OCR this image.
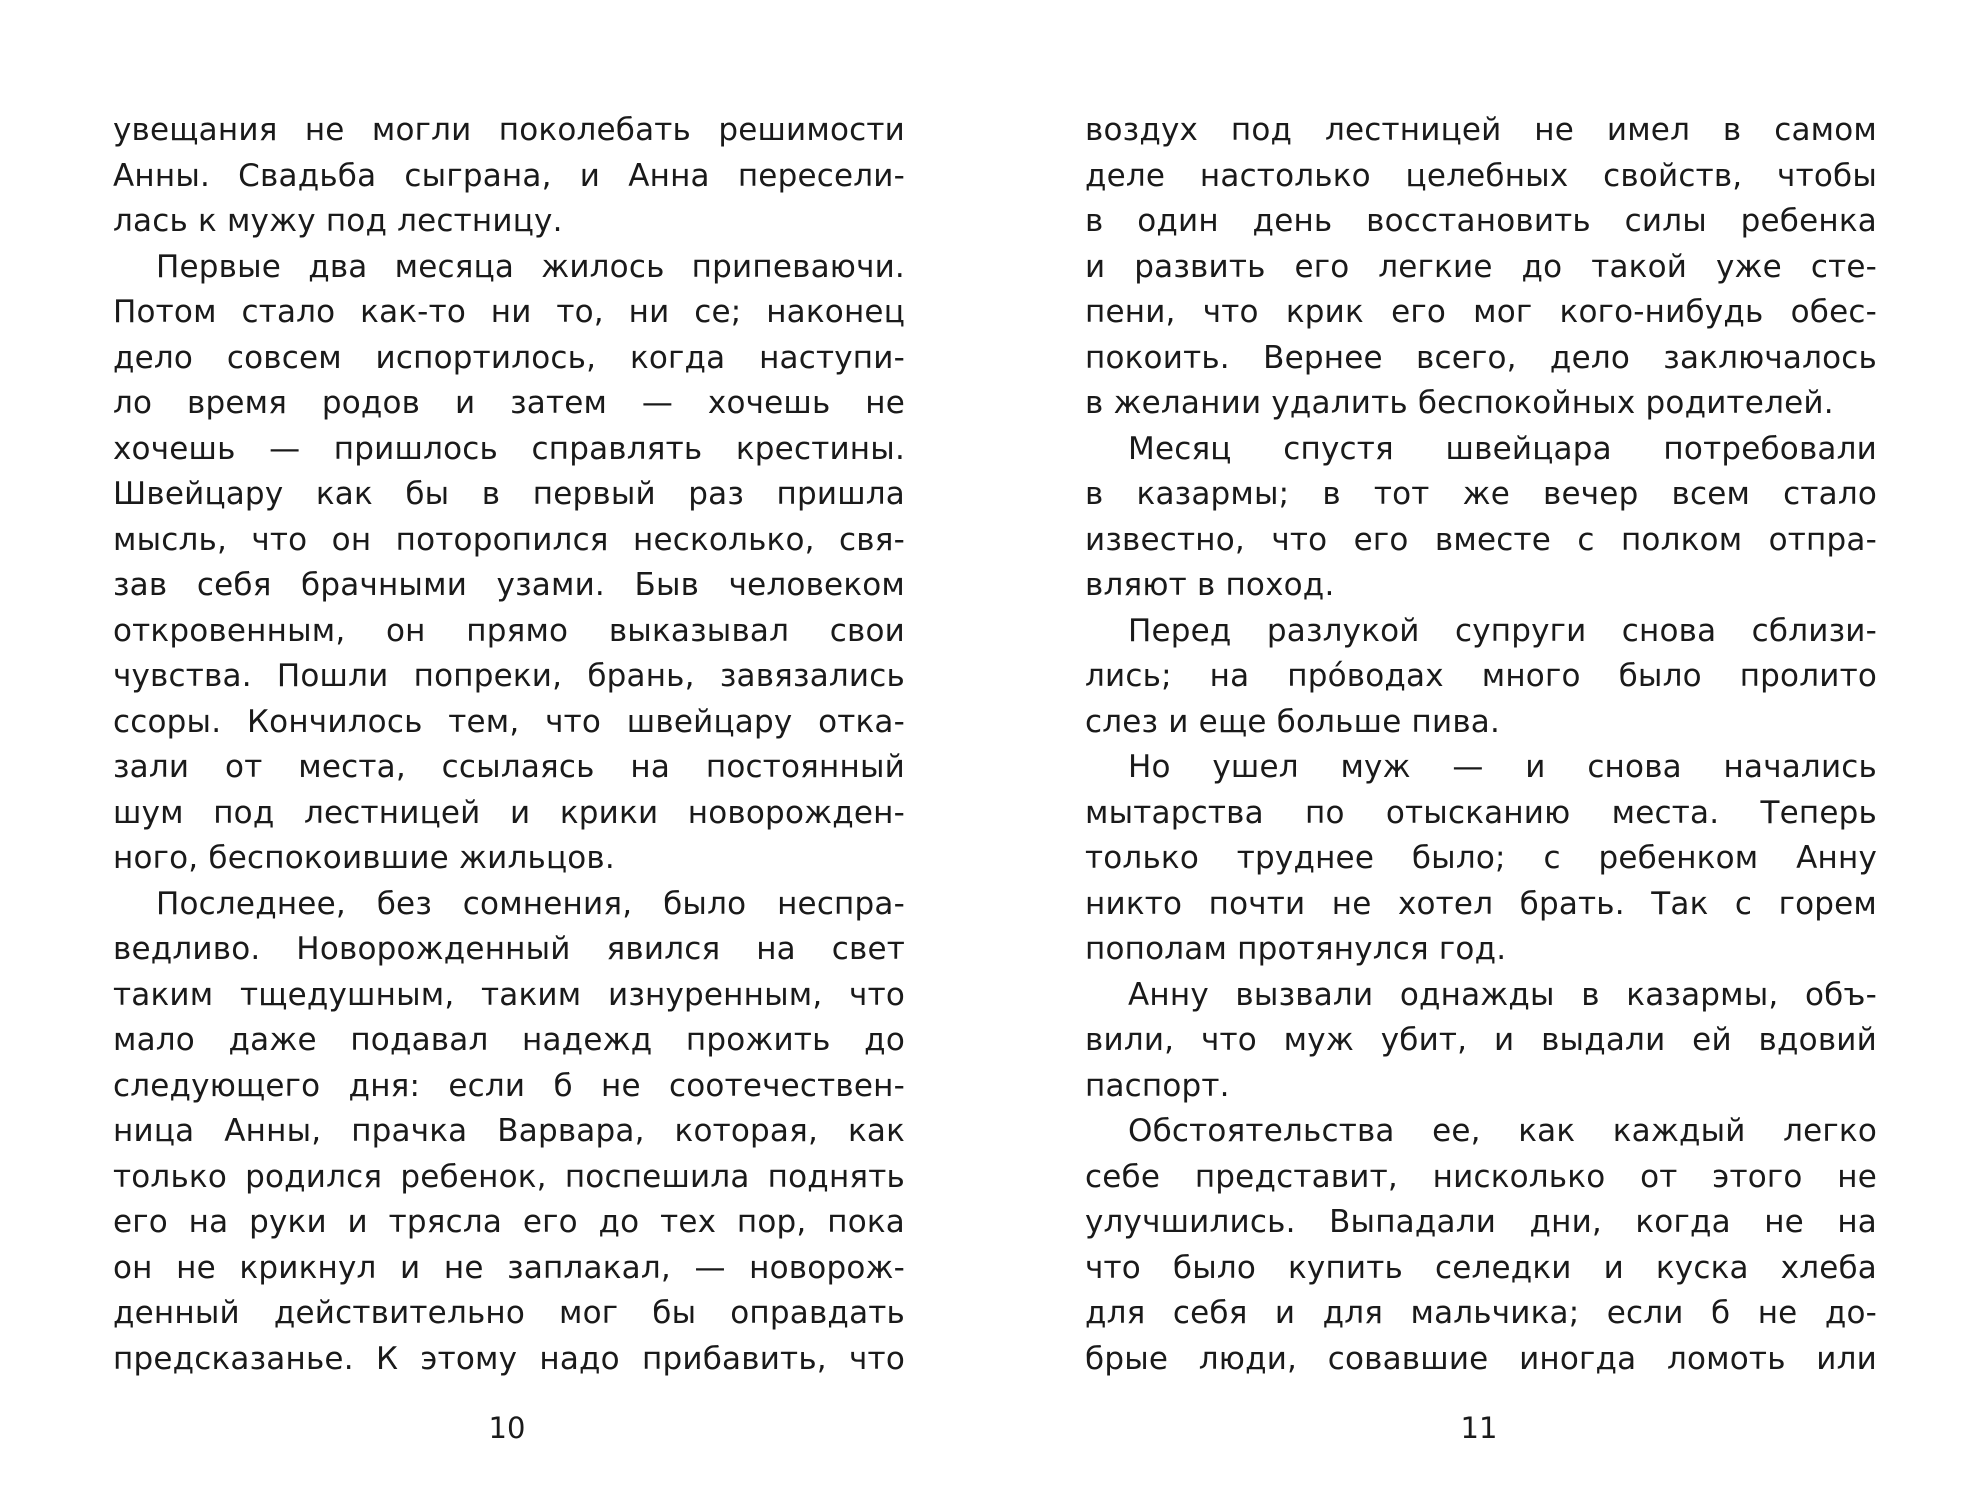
увещания не могли поколебать решимости
Анны. Свадьба сыграна, и Анна пересели-
лась к мужу под лестницу.
Первые два месяца жилось припеваючи.
Потом стало как-то ни то, ни се; наконец
дело совсем испортилось, когда наступи-
ло время родов и затем — хочешь не
хочешь — пришлось справлять крестины.
Швейцару как бы в первый раз пришла
мысль, что он поторопился несколько, свя-
зав себя брачными узами. Быв человеком
откровенным, он прямо выказывал свои
чувства. Пошли попреки, брань, завязались
ссоры. Кончилось тем, что швейцару отка-
зали от места, ссылаясь на постоянный
шум под лестницей и крики новорожден-
ного, беспокоившие жильцов.
Последнее, без сомнения, было неспра-
ведливо. Новорожденный явился на свет
таким тщедушным, таким изнуренным, что
мало даже подавал надежд прожить до
следующего дня: если б не соотечествен-
ница Анны, прачка Варвара, которая, как
только родился ребенок, поспешила поднять
его на руки и трясла его до тех пор, пока
он не крикнул и не заплакал, — новорож-
денный действительно мог бы оправдать
предсказанье. К этому надо прибавить, что
10
воздух под лестницей не имел в самом
деле настолько целебных свойств, чтобы
в один день восстановить силы ребенка
и развить его легкие до такой уже сте-
пени, что крик его мог кого-нибудь обес-
покоить. Вернее всего, дело заключалось
в желании удалить беспокойных родителей.
Месяц спустя швейцара потребовали
в казармы; в тот же вечер всем стало
известно, что его вместе с полком отпра-
вляют в поход.
Перед разлукой супруги снова сблизи-
лись; на про́водах много было пролито
слез и еще больше пива.
Но ушел муж — и снова начались
мытарства по отысканию места. Теперь
только труднее было; с ребенком Анну
никто почти не хотел брать. Так с горем
пополам протянулся год.
Анну вызвали однажды в казармы, объ-
вили, что муж убит, и выдали ей вдовий
паспорт.
Обстоятельства ее, как каждый легко
себе представит, нисколько от этого не
улучшились. Выпадали дни, когда не на
что было купить селедки и куска хлеба
для себя и для мальчика; если б не до-
брые люди, совавшие иногда ломоть или
11
